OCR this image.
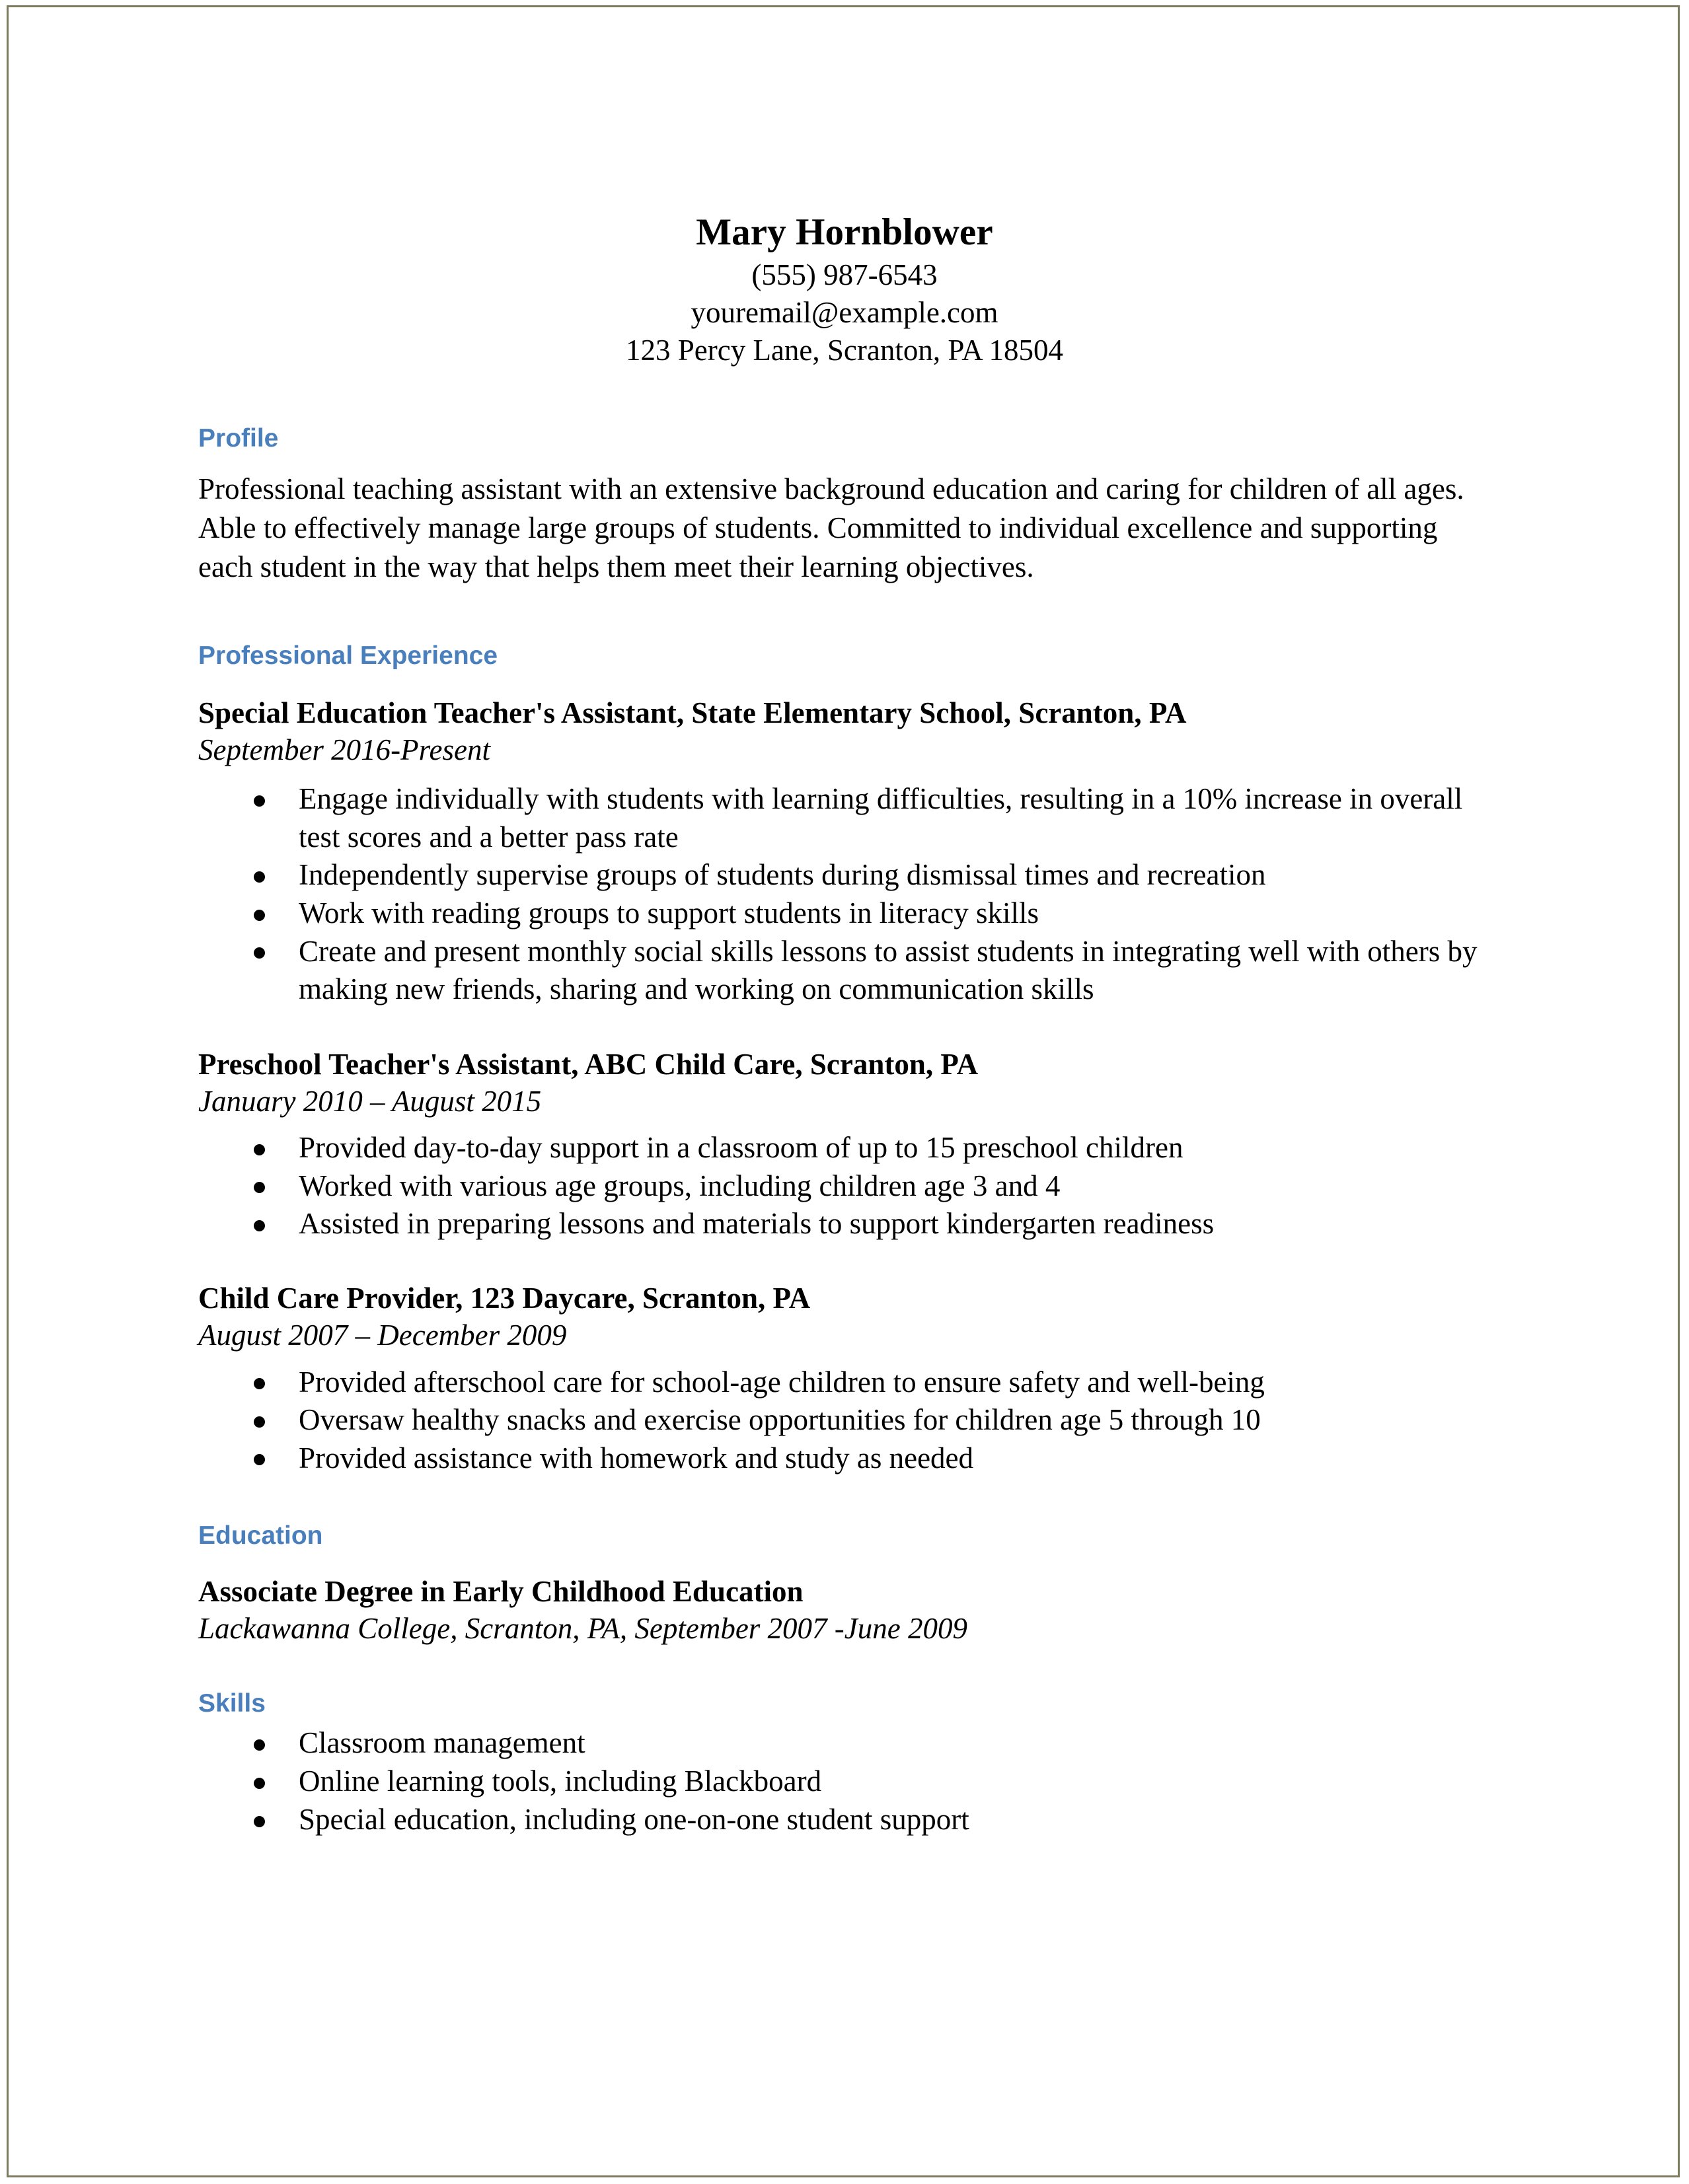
Mary Hornblower
(555) 987-6543
youremail@example.com
123 Percy Lane, Scranton, PA 18504
Profile

Professional teaching assistant with an extensive background education and caring for children of all ages. Able to effectively manage large groups of students. Committed to individual excellence and supporting each student in the way that helps them meet their learning objectives.

Professional Experience
Special Education Teacher's Assistant, State Elementary School, Scranton, PA
September 2016-Present
Engage individually with students with learning difficulties, resulting in a 10% increase in overall test scores and a better pass rate
Independently supervise groups of students during dismissal times and recreation
Work with reading groups to support students in literacy skills
Create and present monthly social skills lessons to assist students in integrating well with others by making new friends, sharing and working on communication skills
Preschool Teacher's Assistant, ABC Child Care, Scranton, PA
January 2010 – August 2015
Provided day-to-day support in a classroom of up to 15 preschool children
Worked with various age groups, including children age 3 and 4
Assisted in preparing lessons and materials to support kindergarten readiness
Child Care Provider, 123 Daycare, Scranton, PA
August 2007 – December 2009
Provided afterschool care for school-age children to ensure safety and well-being
Oversaw healthy snacks and exercise opportunities for children age 5 through 10
Provided assistance with homework and study as needed
Education
Associate Degree in Early Childhood Education
Lackawanna College, Scranton, PA, September 2007 -June 2009
Skills
Classroom management
Online learning tools, including Blackboard
Special education, including one-on-one student support
